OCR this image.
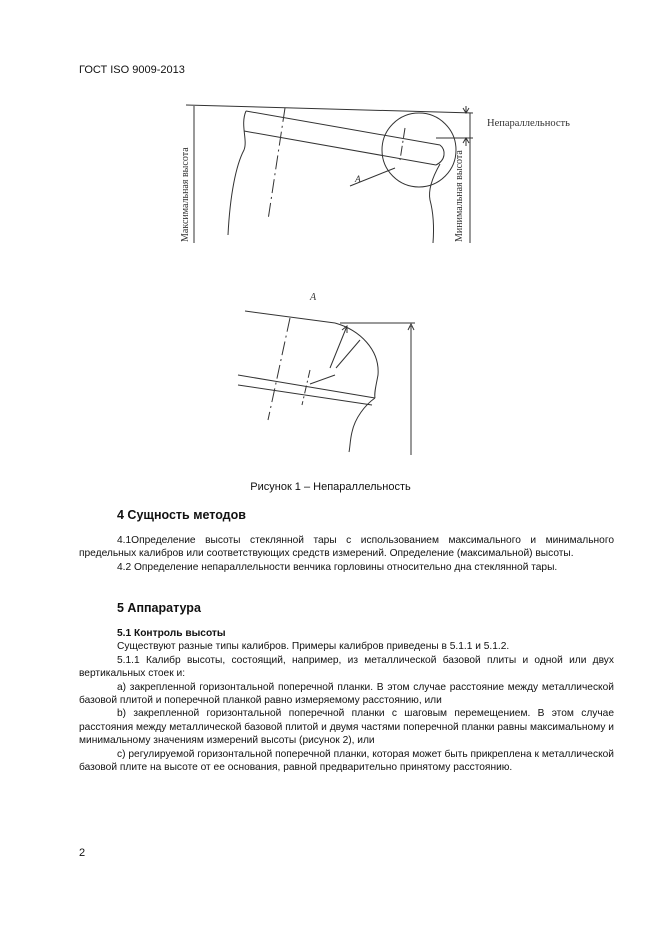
ГОСТ ISO 9009-2013
Непараллельность
A
A
Максимальная высота	Минимальная высота
Рисунок 1 – Непараллельность
4 Сущность методов

4.1Определение высоты стеклянной тары с использованием максимального и минимального предельных калибров или соответствующих средств измерений. Определение (максимальной) высоты.

4.2 Определение непараллельности венчика горловины относительно дна стеклянной тары.

5 Аппаратура

5.1 Контроль высоты

Существуют разные типы калибров. Примеры калибров приведены в 5.1.1 и 5.1.2.

5.1.1 Калибр высоты, состоящий, например, из металлической базовой плиты и одной или двух вертикальных стоек и:

а) закрепленной горизонтальной поперечной планки. В этом случае расстояние между металлической базовой плитой и поперечной планкой равно измеряемому расстоянию, или

b) закрепленной горизонтальной поперечной планки с шаговым перемещением. В этом случае расстояния между металлической базовой плитой и двумя частями поперечной планки равны максимальному и минимальному значениям измерений высоты (рисунок 2), или

с) регулируемой горизонтальной поперечной планки, которая может быть прикреплена к металлической базовой плите на высоте от ее основания, равной предварительно принятому расстоянию.

2
